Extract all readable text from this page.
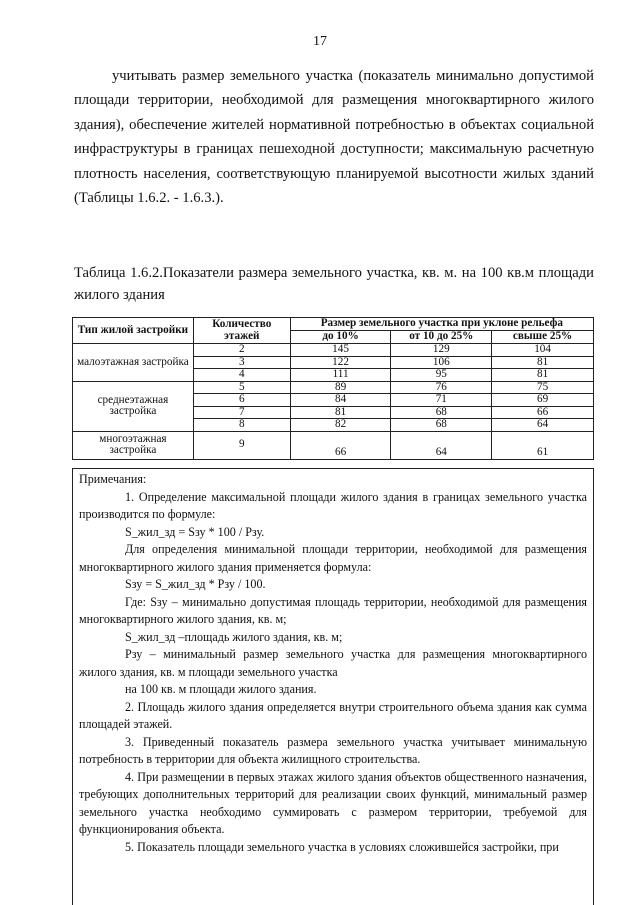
17

учитывать размер земельного участка (показатель минимально допустимой площади территории, необходимой для размещения многоквартирного жилого здания), обеспечение жителей нормативной потребностью в объектах социальной инфраструктуры в границах пешеходной доступности; максимальную расчетную плотность населения, соответствующую планируемой высотности жилых зданий (Таблицы 1.6.2. - 1.6.3.).

Таблица 1.6.2.Показатели размера земельного участка, кв. м. на 100 кв.м площади жилого здания

Тип жилой застройки	Количество этажей	Размер земельного участка при уклоне рельефа		
		до 10%	от 10 до 25%	свыше 25%
малоэтажная застройка	2	145	129	104
	3	122	106	81
	4	111	95	81
среднеэтажная застройка	5	89	76	75
	6	84	71	69
	7	81	68	66
	8	82	68	64
многоэтажная застройка	9	66	64	61

Примечания:

1. Определение максимальной площади жилого здания в границах земельного участка производится по формуле:

S_жил_зд = Sзу * 100 / Рзу.

Для определения минимальной площади территории, необходимой для размещения многоквартирного жилого здания применяется формула:

Sзу = S_жил_зд * Рзу / 100.

Где: Sзу – минимально допустимая площадь территории, необходимой для размещения многоквартирного жилого здания, кв. м;

S_жил_зд –площадь жилого здания, кв. м;

Рзу – минимальный размер земельного участка для размещения многоквартирного жилого здания, кв. м площади земельного участка

на 100 кв. м площади жилого здания.

2. Площадь жилого здания определяется внутри строительного объема здания как сумма площадей этажей.

3. Приведенный показатель размера земельного участка учитывает минимальную потребность в территории для объекта жилищного строительства.

4. При размещении в первых этажах жилого здания объектов общественного назначения, требующих дополнительных территорий для реализации своих функций, минимальный размер земельного участка необходимо суммировать с размером территории, требуемой для функционирования объекта.

5. Показатель площади земельного участка в условиях сложившейся застройки, при
